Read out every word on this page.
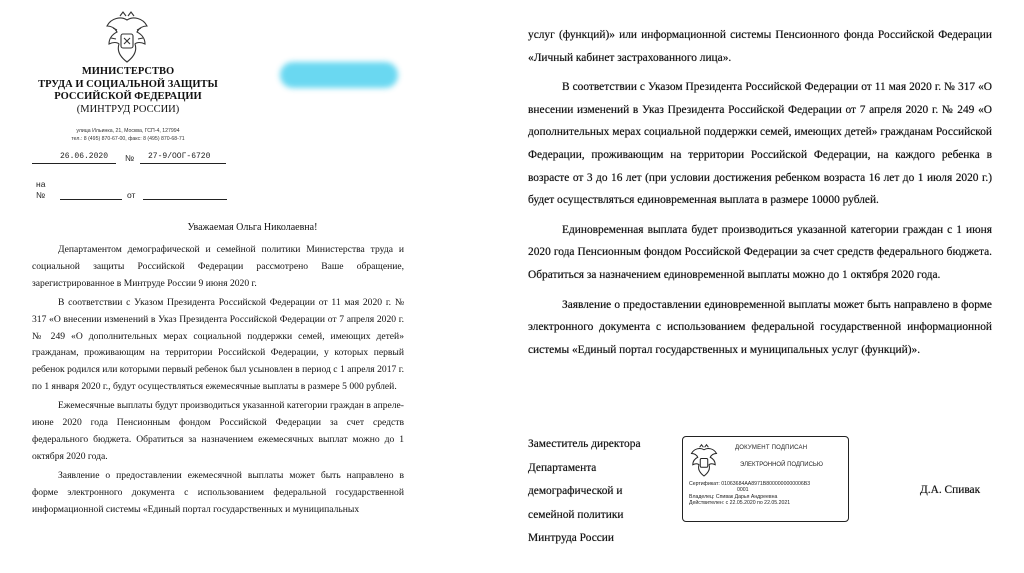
МИНИСТЕРСТВО
ТРУДА И СОЦИАЛЬНОЙ ЗАЩИТЫ
РОССИЙСКОЙ ФЕДЕРАЦИИ
(МИНТРУД РОССИИ)
улица Ильинка, 21, Москва, ГСП-4, 127994
тел.: 8 (495) 870-67-00, факс: 8 (495) 870-68-71
26.06.2020 № 27-9/ООГ-6720
на
№	от
Уважаемая Ольга Николаевна!

Департаментом демографической и семейной политики Министерства труда и социальной защиты Российской Федерации рассмотрено Ваше обращение, зарегистрированное в Минтруде России 9 июня 2020 г.

В соответствии с Указом Президента Российской Федерации от 11 мая 2020 г. № 317 «О внесении изменений в Указ Президента Российской Федерации от 7 апреля 2020 г. № 249 «О дополнительных мерах социальной поддержки семей, имеющих детей» гражданам, проживающим на территории Российской Федерации, у которых первый ребенок родился или которыми первый ребенок был усыновлен в период с 1 апреля 2017 г. по 1 января 2020 г., будут осуществляться ежемесячные выплаты в размере 5 000 рублей.

Ежемесячные выплаты будут производиться указанной категории граждан в апреле-июне 2020 года Пенсионным фондом Российской Федерации за счет средств федерального бюджета. Обратиться за назначением ежемесячных выплат можно до 1 октября 2020 года.

Заявление о предоставлении ежемесячной выплаты может быть направлено в форме электронного документа с использованием федеральной государственной информационной системы «Единый портал государственных и муниципальных

услуг (функций)» или информационной системы Пенсионного фонда Российской Федерации «Личный кабинет застрахованного лица».

В соответствии с Указом Президента Российской Федерации от 11 мая 2020 г. № 317 «О внесении изменений в Указ Президента Российской Федерации от 7 апреля 2020 г. № 249 «О дополнительных мерах социальной поддержки семей, имеющих детей» гражданам Российской Федерации, проживающим на территории Российской Федерации, на каждого ребенка в возрасте от 3 до 16 лет (при условии достижения ребенком возраста 16 лет до 1 июля 2020 г.) будет осуществляться единовременная выплата в размере 10000 рублей.

Единовременная выплата будет производиться указанной категории граждан с 1 июня 2020 года Пенсионным фондом Российской Федерации за счет средств федерального бюджета. Обратиться за назначением единовременной выплаты можно до 1 октября 2020 года.

Заявление о предоставлении единовременной выплаты может быть направлено в форме электронного документа с использованием федеральной государственной информационной системы «Единый портал государственных и муниципальных услуг (функций)».

Заместитель директора
Департамента
демографической и
семейной политики
Минтруда России
ДОКУМЕНТ ПОДПИСАН
ЭЛЕКТРОННОЙ ПОДПИСЬЮ
Сертификат: 01063684AA8971B8000000000006B3
0001
Владелец: Спивак Дарья Андреевна
Действителен: с 22.05.2020 по 22.05.2021
Д.А. Спивак
